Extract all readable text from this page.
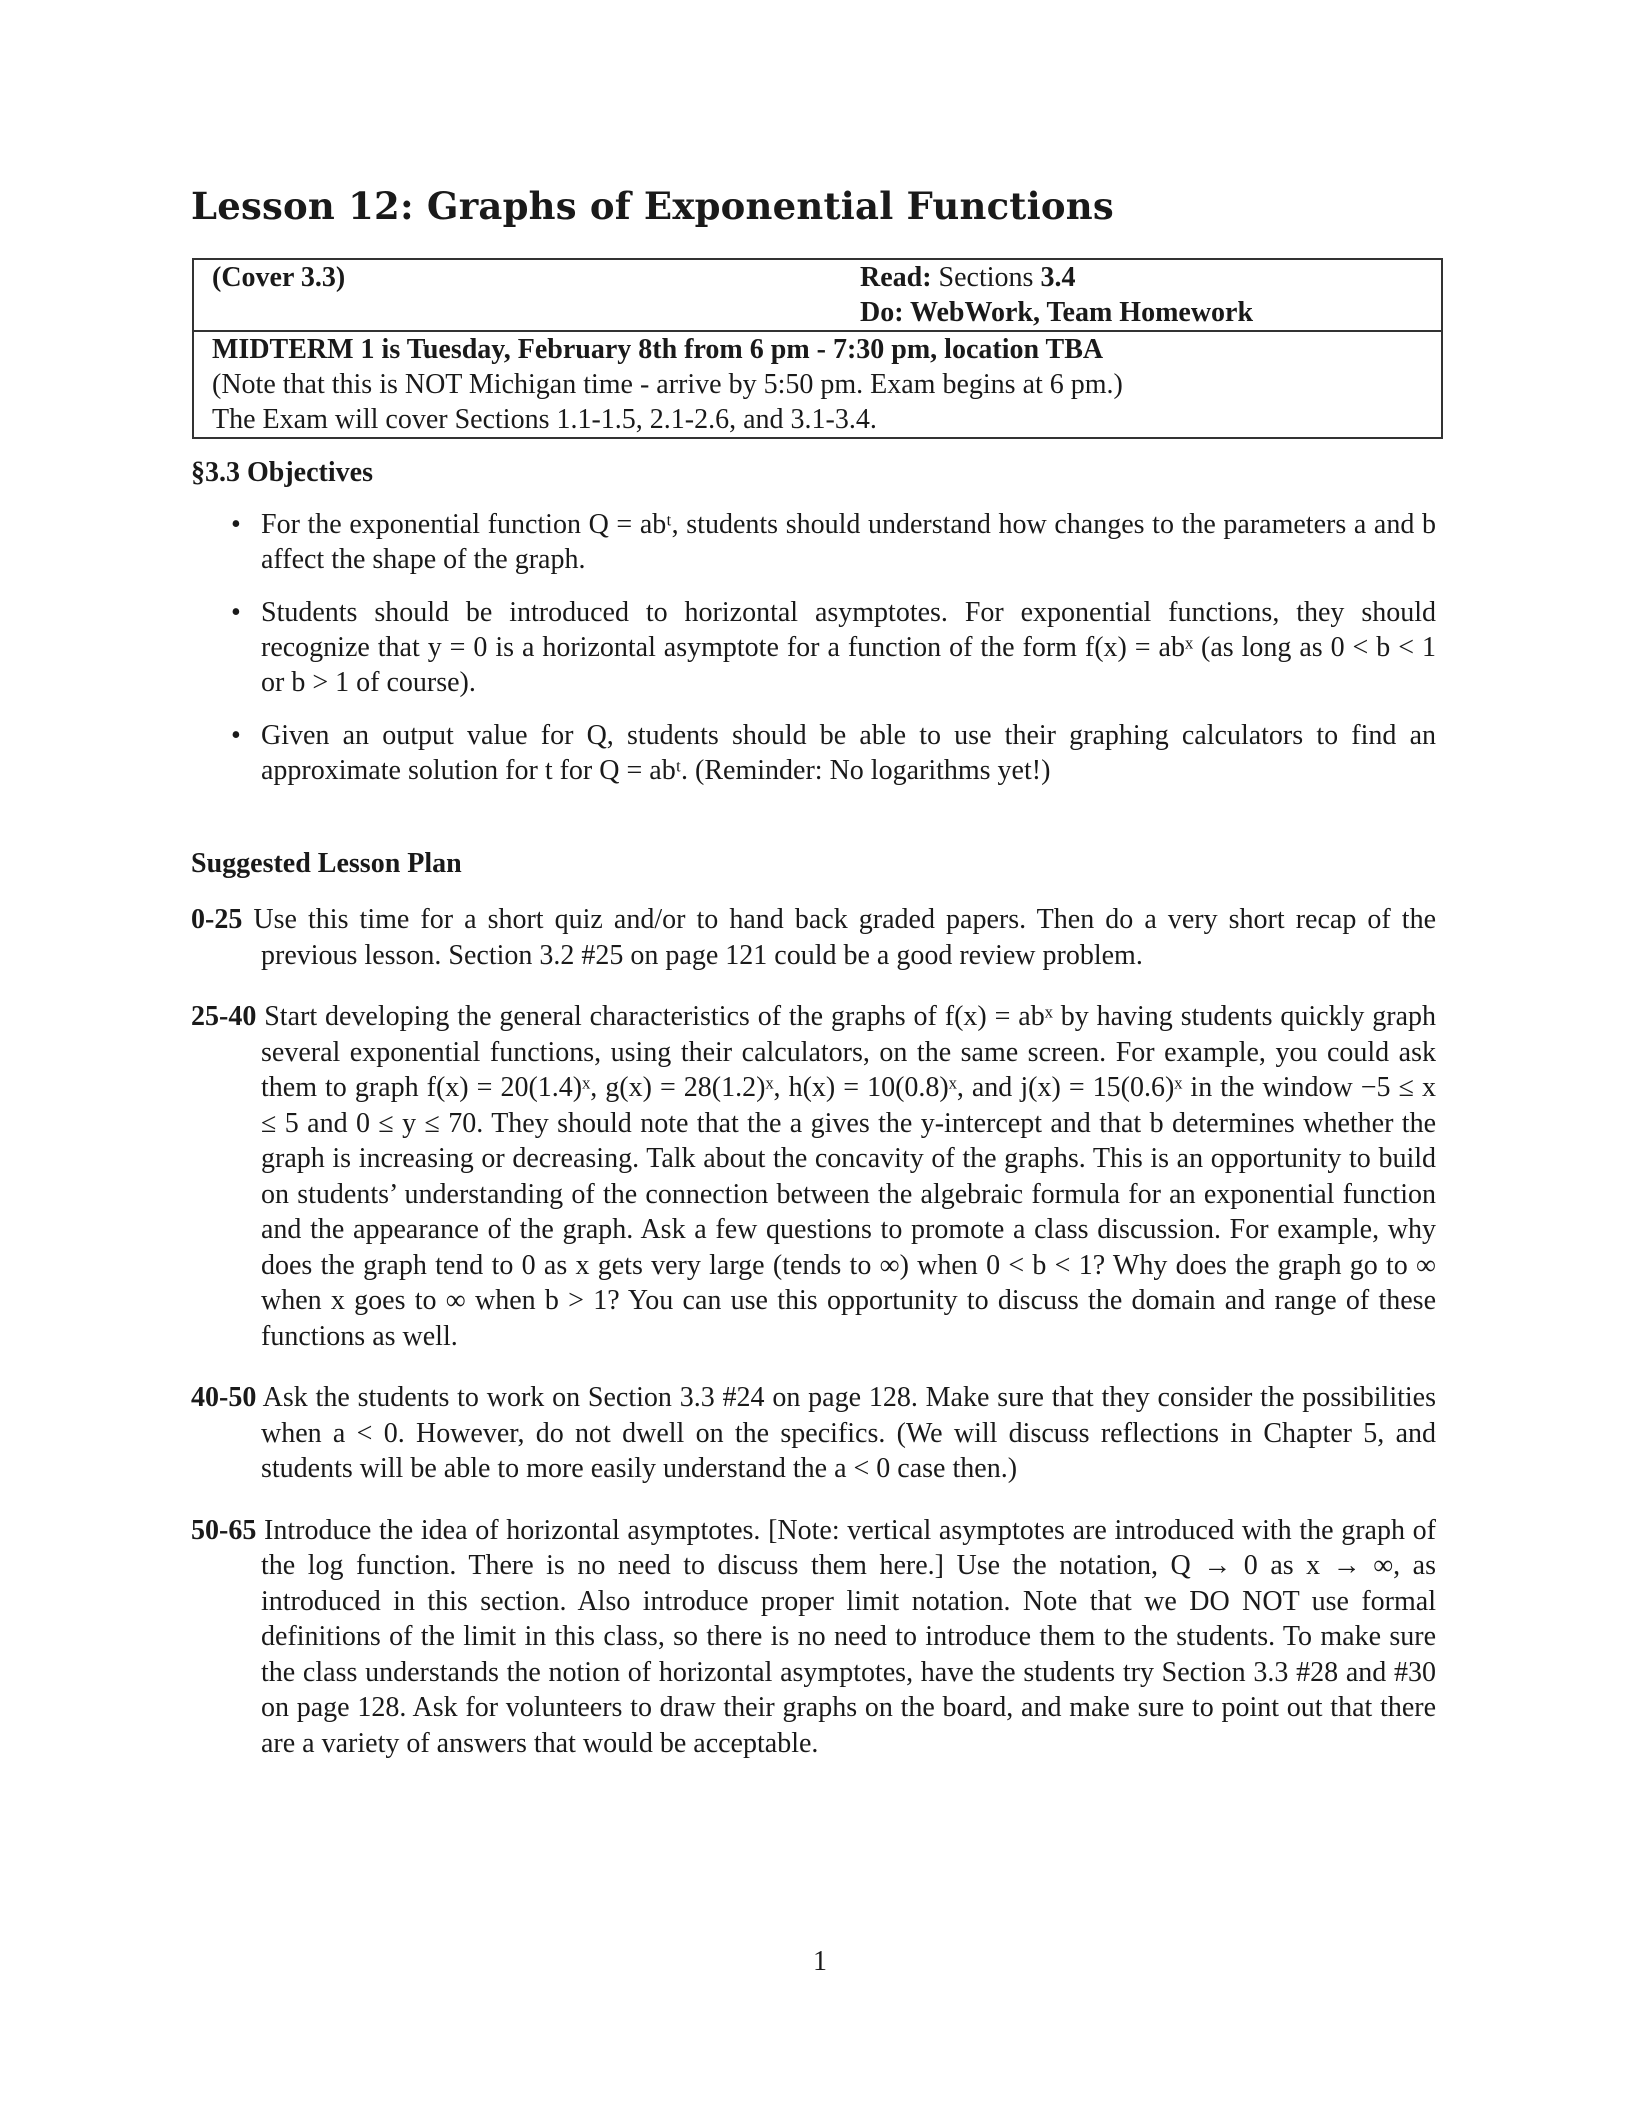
Lesson 12: Graphs of Exponential Functions
(Cover 3.3)	Read: Sections 3.4
Do: WebWork, Team Homework
MIDTERM 1 is Tuesday, February 8th from 6 pm - 7:30 pm, location TBA
(Note that this is NOT Michigan time - arrive by 5:50 pm. Exam begins at 6 pm.)
The Exam will cover Sections 1.1-1.5, 2.1-2.6, and 3.1-3.4.
§3.3 Objectives
• For the exponential function Q = abᵗ, students should understand how changes to the parameters a and b affect the shape of the graph.
• Students should be introduced to horizontal asymptotes. For exponential functions, they should recognize that y = 0 is a horizontal asymptote for a function of the form f(x) = abˣ (as long as 0 < b < 1 or b > 1 of course).
• Given an output value for Q, students should be able to use their graphing calculators to find an approximate solution for t for Q = abᵗ. (Reminder: No logarithms yet!)
Suggested Lesson Plan
0-25 Use this time for a short quiz and/or to hand back graded papers. Then do a very short recap of the previous lesson. Section 3.2 #25 on page 121 could be a good review problem.
25-40 Start developing the general characteristics of the graphs of f(x) = abˣ by having students quickly graph several exponential functions, using their calculators, on the same screen. For example, you could ask them to graph f(x) = 20(1.4)ˣ, g(x) = 28(1.2)ˣ, h(x) = 10(0.8)ˣ, and j(x) = 15(0.6)ˣ in the window −5 ≤ x ≤ 5 and 0 ≤ y ≤ 70. They should note that the a gives the y-intercept and that b determines whether the graph is increasing or decreasing. Talk about the concavity of the graphs. This is an opportunity to build on students’ understanding of the connection between the algebraic formula for an exponential function and the appearance of the graph. Ask a few questions to promote a class discussion. For example, why does the graph tend to 0 as x gets very large (tends to ∞) when 0 < b < 1? Why does the graph go to ∞ when x goes to ∞ when b > 1? You can use this opportunity to discuss the domain and range of these functions as well.
40-50 Ask the students to work on Section 3.3 #24 on page 128. Make sure that they consider the possibilities when a < 0. However, do not dwell on the specifics. (We will discuss reflections in Chapter 5, and students will be able to more easily understand the a < 0 case then.)
50-65 Introduce the idea of horizontal asymptotes. [Note: vertical asymptotes are introduced with the graph of the log function. There is no need to discuss them here.] Use the notation, Q → 0 as x → ∞, as introduced in this section. Also introduce proper limit notation. Note that we DO NOT use formal definitions of the limit in this class, so there is no need to introduce them to the students. To make sure the class understands the notion of horizontal asymptotes, have the students try Section 3.3 #28 and #30 on page 128. Ask for volunteers to draw their graphs on the board, and make sure to point out that there are a variety of answers that would be acceptable.
1
